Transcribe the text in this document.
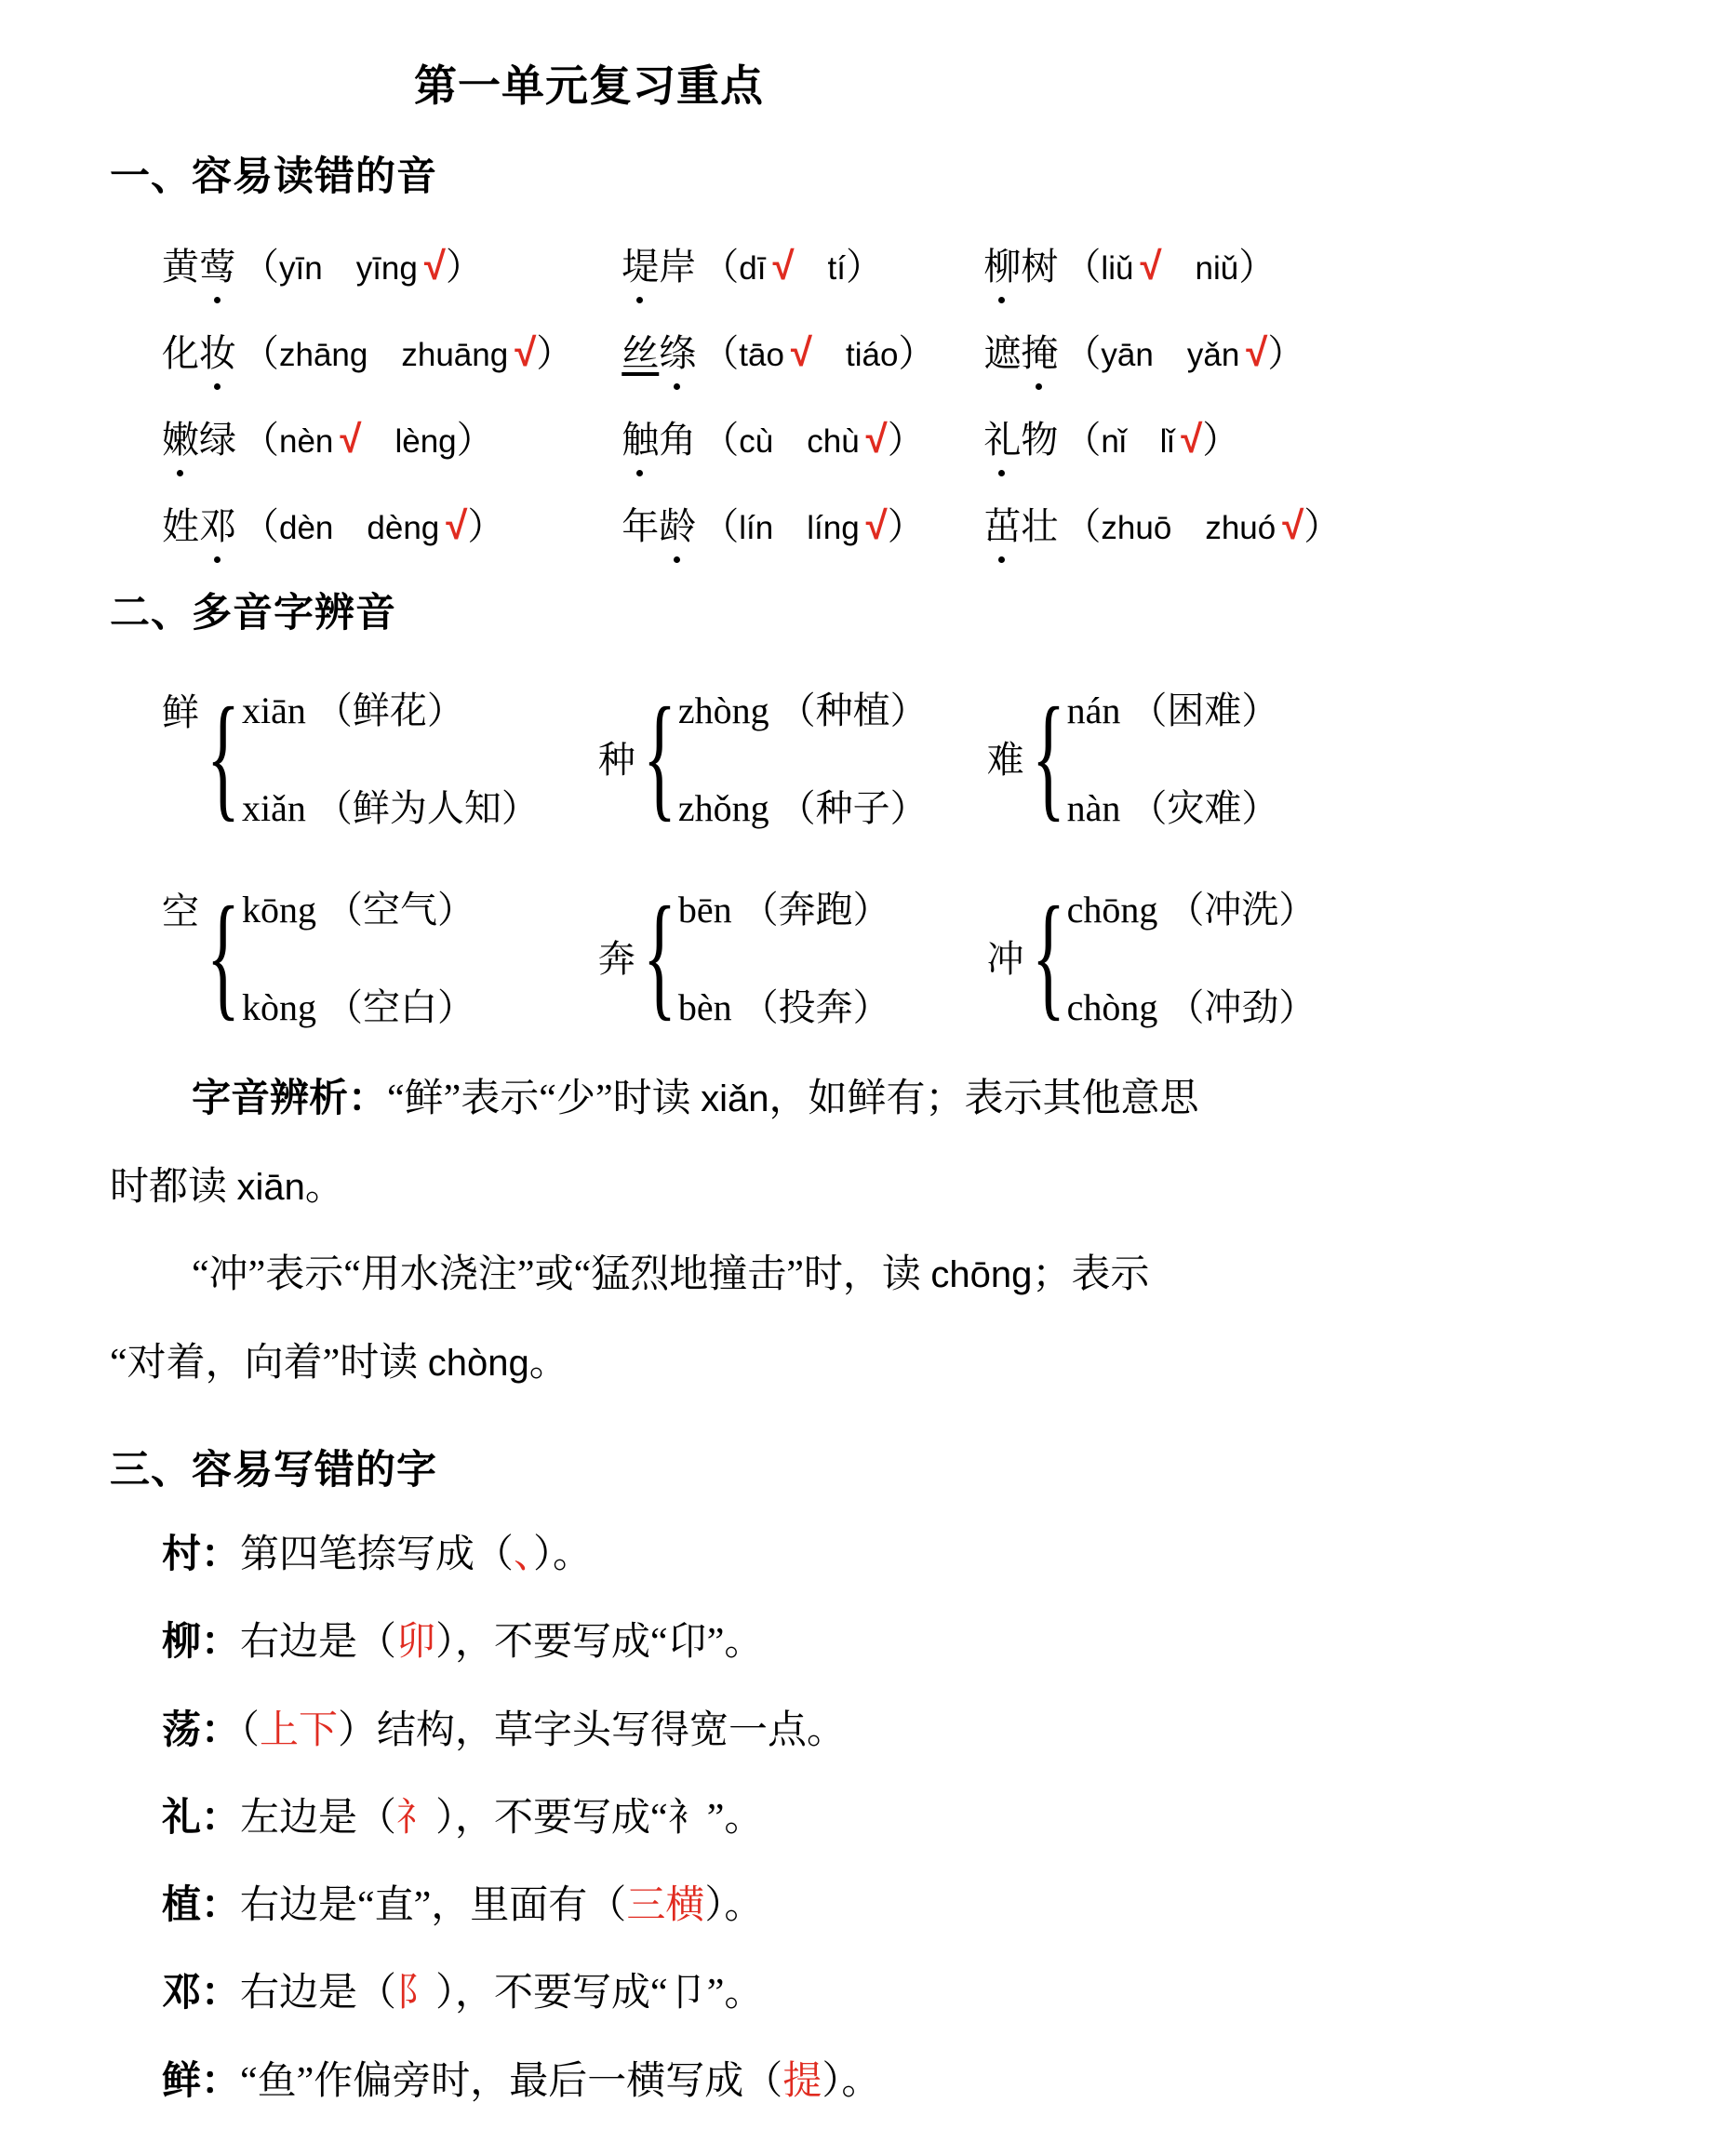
第一单元复习重点
一、容易读错的音
黄莺 （yīn yīng √）	堤岸 （dī √ tí）	柳树 （liǔ √ niǔ）
化妆 （zhāng zhuāng √） 丝绦 （tāo √ tiáo） 遮掩 （yān yǎn √）
嫩绿 （nèn √ lèng）	触角 （cù chù √） 礼物 （nǐ lǐ √）
姓邓 （dèn dèng √）	年龄 （lín líng √） 茁壮 （zhuō zhuó √）
二、多音字辨音
鲜 { xiān （鲜花）
xiǎn （鲜为人知）
种 { zhòng （种植）
zhǒng （种子）
难 { nán （困难）
nàn （灾难）
空 { kōng （空气）
kòng （空白）
奔 { bēn （奔跑）
bèn （投奔）
冲 { chōng （冲洗）
chòng （冲劲）
字音辨析：“鲜”表示“少”时读 xiǎn，如鲜有；表示其他意思
时都读 xiān。
“冲”表示“用水浇注”或“猛烈地撞击”时，读 chōng；表示
“对着，向着”时读 chòng。
三、容易写错的字
村：第四笔捺写成（、）。
柳：右边是（卯），不要写成“卬”。
荡：（上下）结构，草字头写得宽一点。
礼：左边是（礻），不要写成“衤”。
植：右边是“直”，里面有（三横）。
邓：右边是（阝），不要写成“卩”。
鲜：“鱼”作偏旁时，最后一横写成（提）。
